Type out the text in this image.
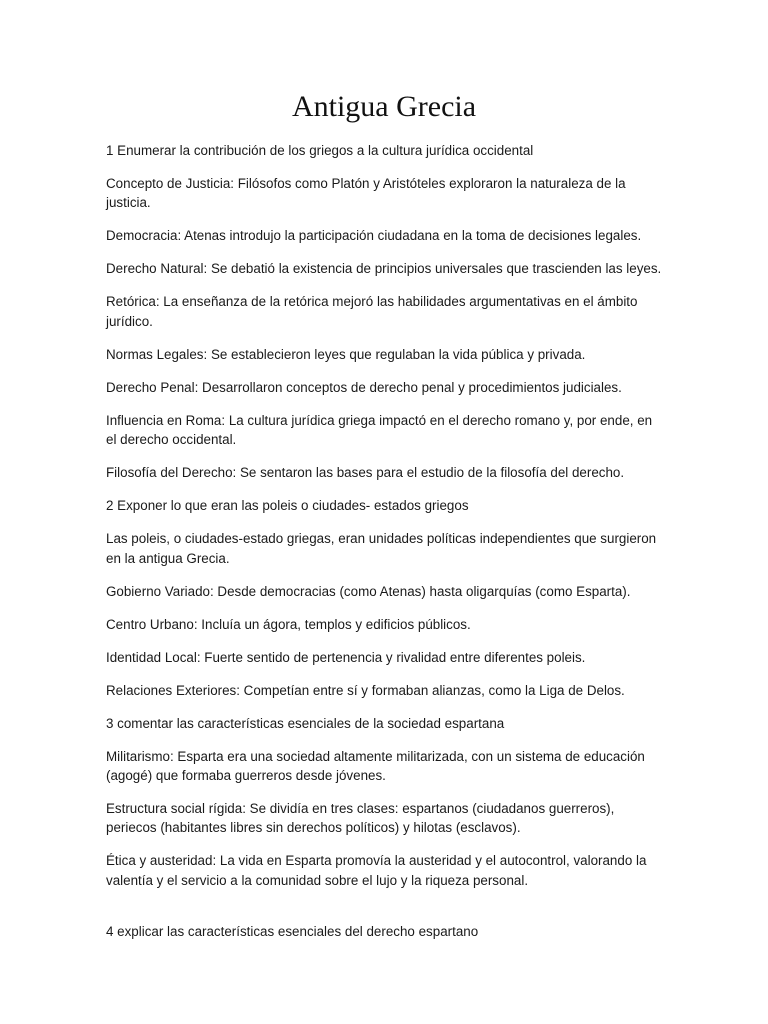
Antigua Grecia

1 Enumerar la contribución de los griegos a la cultura jurídica occidental

Concepto de Justicia: Filósofos como Platón y Aristóteles exploraron la naturaleza de la justicia.

Democracia: Atenas introdujo la participación ciudadana en la toma de decisiones legales.

Derecho Natural: Se debatió la existencia de principios universales que trascienden las leyes.

Retórica: La enseñanza de la retórica mejoró las habilidades argumentativas en el ámbito jurídico.

Normas Legales: Se establecieron leyes que regulaban la vida pública y privada.

Derecho Penal: Desarrollaron conceptos de derecho penal y procedimientos judiciales.

Influencia en Roma: La cultura jurídica griega impactó en el derecho romano y, por ende, en el derecho occidental.

Filosofía del Derecho: Se sentaron las bases para el estudio de la filosofía del derecho.

2 Exponer lo que eran las poleis o ciudades- estados griegos

Las poleis, o ciudades-estado griegas, eran unidades políticas independientes que surgieron en la antigua Grecia.

Gobierno Variado: Desde democracias (como Atenas) hasta oligarquías (como Esparta).

Centro Urbano: Incluía un ágora, templos y edificios públicos.

Identidad Local: Fuerte sentido de pertenencia y rivalidad entre diferentes poleis.

Relaciones Exteriores: Competían entre sí y formaban alianzas, como la Liga de Delos.

3 comentar las características esenciales de la sociedad espartana

Militarismo: Esparta era una sociedad altamente militarizada, con un sistema de educación (agogé) que formaba guerreros desde jóvenes.

Estructura social rígida: Se dividía en tres clases: espartanos (ciudadanos guerreros), periecos (habitantes libres sin derechos políticos) y hilotas (esclavos).

Ética y austeridad: La vida en Esparta promovía la austeridad y el autocontrol, valorando la valentía y el servicio a la comunidad sobre el lujo y la riqueza personal.

4 explicar las características esenciales del derecho espartano
